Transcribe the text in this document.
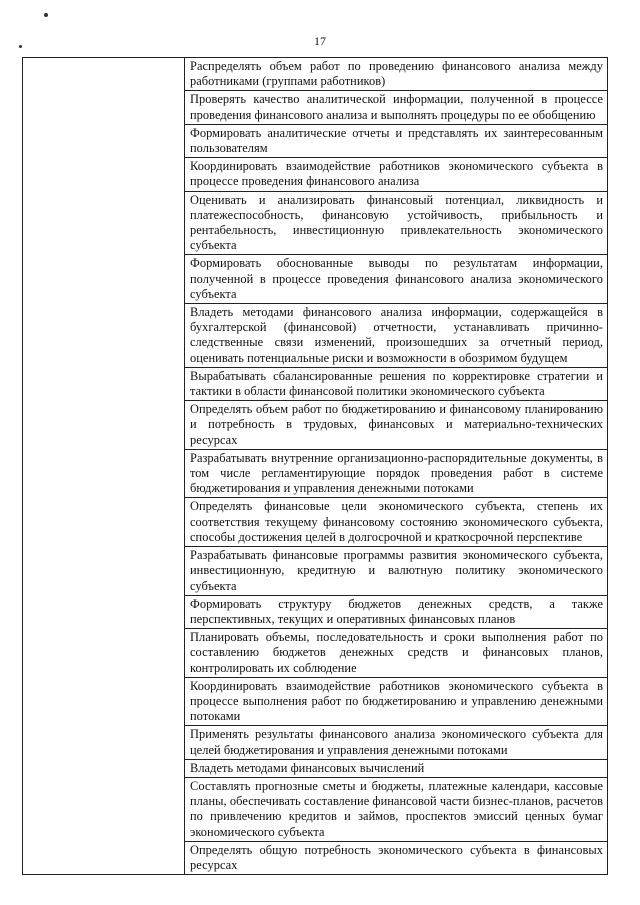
17

Распределять объем работ по проведению финансового анализа между работниками (группами работников)

Проверять качество аналитической информации, полученной в процессе проведения финансового анализа и выполнять процедуры по ее обобщению

Формировать аналитические отчеты и представлять их заинтересованным пользователям

Координировать взаимодействие работников экономического субъекта в процессе проведения финансового анализа

Оценивать и анализировать финансовый потенциал, ликвидность и платежеспособность, финансовую устойчивость, прибыльность и рентабельность, инвестиционную привлекательность экономического субъекта

Формировать обоснованные выводы по результатам информации, полученной в процессе проведения финансового анализа экономического субъекта

Владеть методами финансового анализа информации, содержащейся в бухгалтерской (финансовой) отчетности, устанавливать причинно-следственные связи изменений, произошедших за отчетный период, оценивать потенциальные риски и возможности в обозримом будущем

Вырабатывать сбалансированные решения по корректировке стратегии и тактики в области финансовой политики экономического субъекта

Определять объем работ по бюджетированию и финансовому планированию и потребность в трудовых, финансовых и материально-технических ресурсах

Разрабатывать внутренние организационно-распорядительные документы, в том числе регламентирующие порядок проведения работ в системе бюджетирования и управления денежными потоками

Определять финансовые цели экономического субъекта, степень их соответствия текущему финансовому состоянию экономического субъекта, способы достижения целей в долгосрочной и краткосрочной перспективе

Разрабатывать финансовые программы развития экономического субъекта, инвестиционную, кредитную и валютную политику экономического субъекта

Формировать структуру бюджетов денежных средств, а также перспективных, текущих и оперативных финансовых планов

Планировать объемы, последовательность и сроки выполнения работ по составлению бюджетов денежных средств и финансовых планов, контролировать их соблюдение

Координировать взаимодействие работников экономического субъекта в процессе выполнения работ по бюджетированию и управлению денежными потоками

Применять результаты финансового анализа экономического субъекта для целей бюджетирования и управления денежными потоками

Владеть методами финансовых вычислений

Составлять прогнозные сметы и бюджеты, платежные календари, кассовые планы, обеспечивать составление финансовой части бизнес-планов, расчетов по привлечению кредитов и займов, проспектов эмиссий ценных бумаг экономического субъекта

Определять общую потребность экономического субъекта в финансовых ресурсах
